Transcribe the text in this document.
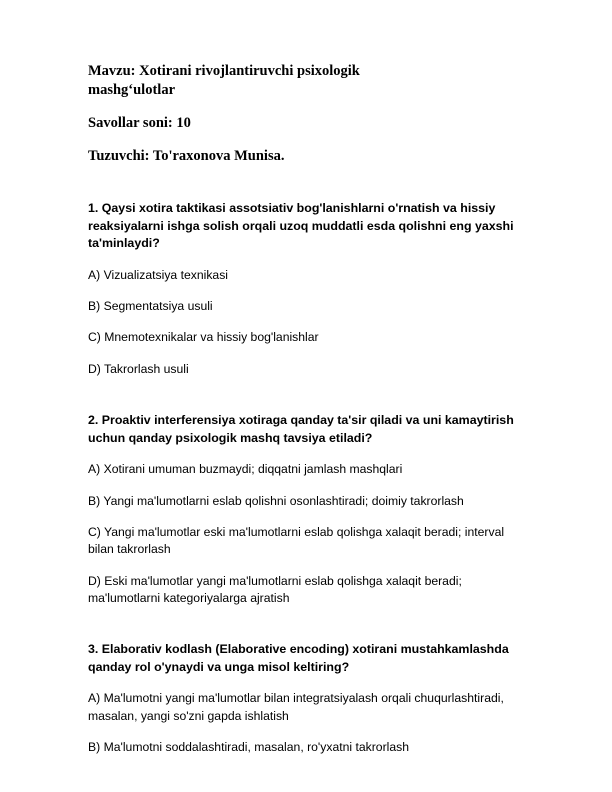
Mavzu: Xotirani rivojlantiruvchi psixologik mashg‘ulotlar

Savollar soni: 10

Tuzuvchi: To'raxonova Munisa.

1. Qaysi xotira taktikasi assotsiativ bog'lanishlarni o'rnatish va hissiy reaksiyalarni ishga solish orqali uzoq muddatli esda qolishni eng yaxshi ta'minlaydi?

A) Vizualizatsiya texnikasi

B) Segmentatsiya usuli

C) Mnemotexnikalar va hissiy bog'lanishlar

D) Takrorlash usuli

2. Proaktiv interferensiya xotiraga qanday ta'sir qiladi va uni kamaytirish uchun qanday psixologik mashq tavsiya etiladi?

A) Xotirani umuman buzmaydi; diqqatni jamlash mashqlari

B) Yangi ma'lumotlarni eslab qolishni osonlashtiradi; doimiy takrorlash

C) Yangi ma'lumotlar eski ma'lumotlarni eslab qolishga xalaqit beradi; interval bilan takrorlash

D) Eski ma'lumotlar yangi ma'lumotlarni eslab qolishga xalaqit beradi; ma'lumotlarni kategoriyalarga ajratish

3. Elaborativ kodlash (Elaborative encoding) xotirani mustahkamlashda qanday rol o'ynaydi va unga misol keltiring?

A) Ma'lumotni yangi ma'lumotlar bilan integratsiyalash orqali chuqurlashtiradi, masalan, yangi so'zni gapda ishlatish

B) Ma'lumotni soddalashtiradi, masalan, ro'yxatni takrorlash
